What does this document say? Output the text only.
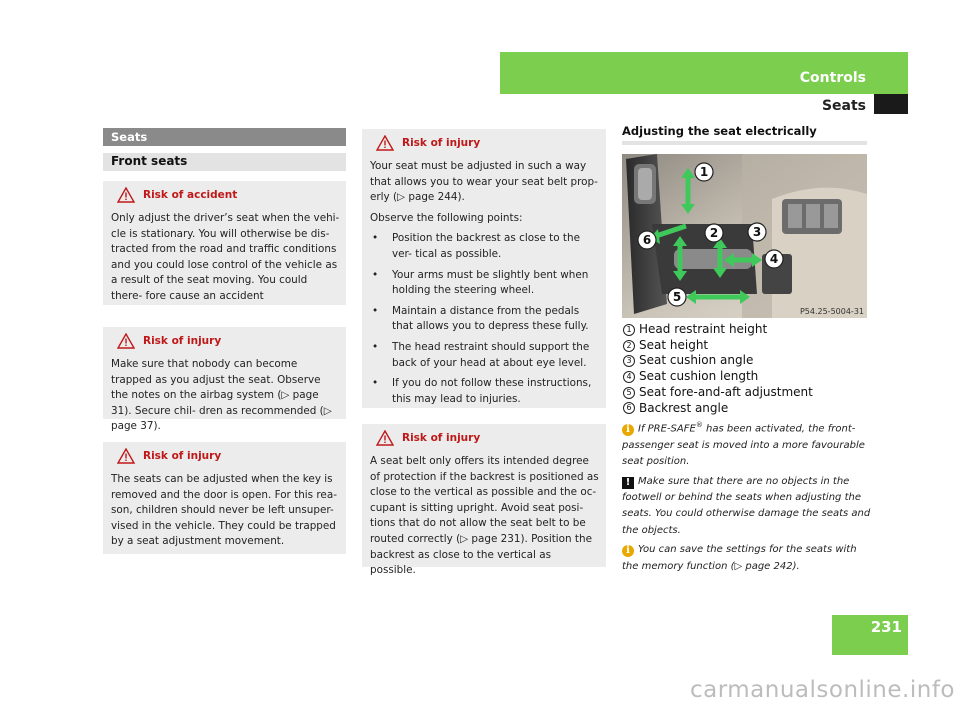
Controls
Seats
Seats
Front seats
Risk of accident
Only adjust the driver’s seat when the vehi- cle is stationary. You will otherwise be dis- tracted from the road and traffic conditions and you could lose control of the vehicle as a result of the seat moving. You could there- fore cause an accident
Risk of injury
Make sure that nobody can become trapped as you adjust the seat. Observe the notes on the airbag system (▷ page 31). Secure chil- dren as recommended (▷ page 37).
Risk of injury
The seats can be adjusted when the key is removed and the door is open. For this rea- son, children should never be left unsuper- vised in the vehicle. They could be trapped by a seat adjustment movement.
Risk of injury

Your seat must be adjusted in such a way that allows you to wear your seat belt prop- erly (▷ page 244).

Observe the following points:

•	Position the backrest as close to the ver- tical as possible.
•	Your arms must be slightly bent when holding the steering wheel.
•	Maintain a distance from the pedals that allows you to depress these fully.
•	The head restraint should support the back of your head at about eye level.
•	If you do not follow these instructions, this may lead to injuries.
Risk of injury
A seat belt only offers its intended degree of protection if the backrest is positioned as close to the vertical as possible and the oc- cupant is sitting upright. Avoid seat posi- tions that do not allow the seat belt to be routed correctly (▷ page 231). Position the backrest as close to the vertical as possible.
Adjusting the seat electrically
1
2	3
4
5
6
P54.25-5004-31
1 Head restraint height
2 Seat height
3 Seat cushion angle
4 Seat cushion length
5 Seat fore-and-aft adjustment
6 Backrest angle

i If PRE-SAFE® has been activated, the front- passenger seat is moved into a more favourable seat position.

! Make sure that there are no objects in the footwell or behind the seats when adjusting the seats. You could otherwise damage the seats and the objects.

i You can save the settings for the seats with the memory function (▷ page 242).

231
carmanualsonline.info
